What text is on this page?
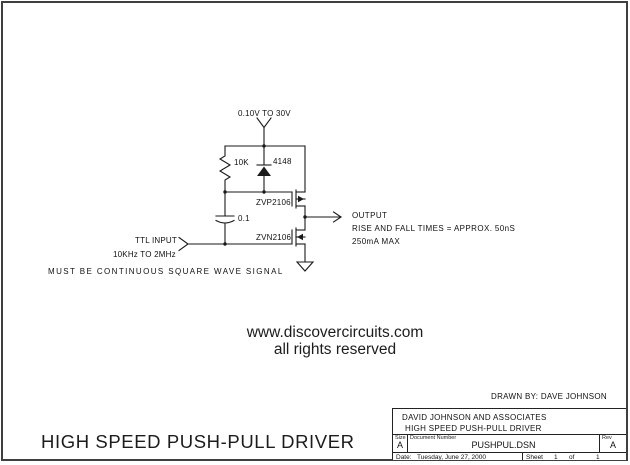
0.10V TO 30V
10K	4148
0.1
ZVP2106
ZVN2106
TTL INPUT
10KHz TO 2MHz
MUST BE CONTINUOUS SQUARE WAVE SIGNAL
OUTPUT
RISE AND FALL TIMES = APPROX. 50nS
250mA MAX
www.discovercircuits.com
all rights reserved
DRAWN BY: DAVE JOHNSON
HIGH SPEED PUSH-PULL DRIVER
DAVID JOHNSON AND ASSOCIATES
HIGH SPEED PUSH-PULL DRIVER
Size
A
Document Number
PUSHPUL.DSN
Rev
A
Date: Tuesday, June 27, 2000	Sheet 1 of	1
